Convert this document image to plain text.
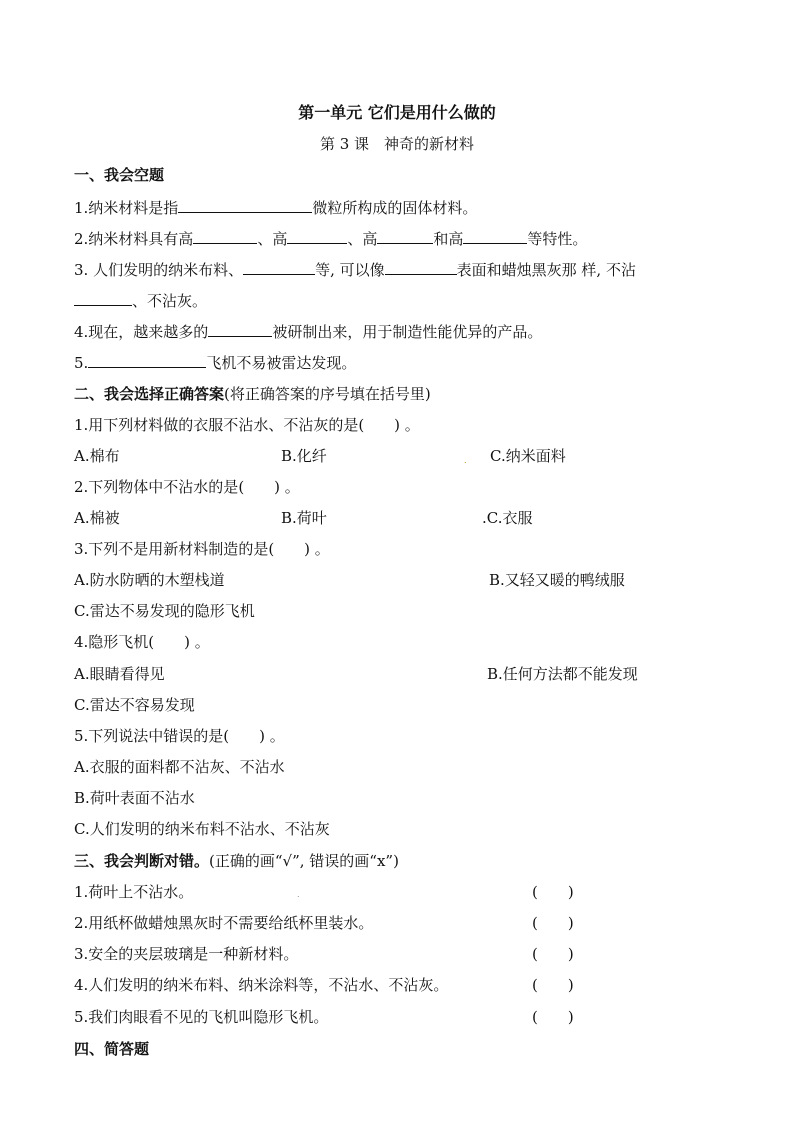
第一单元 它们是用什么做的
第 3 课　神奇的新材料
一、我会空题
1.纳米材料是指	微粒所构成的固体材料。
2.纳米材料具有高	、高	、高	和高	等特性。
3. 人们发明的纳米布料、	等, 可以像	表面和蜡烛黑灰那 样, 不沾
、不沾灰。
4.现在，越来越多的	被研制出来，用于制造性能优异的产品。
5.	飞机不易被雷达发现。
二、我会选择正确答案(将正确答案的序号填在括号里)
1.用下列材料做的衣服不沾水、不沾灰的是(　　) 。
A.棉布	B.化纤	. C.纳米面料
2.下列物体中不沾水的是(　　) 。
A.棉被	B.荷叶	.C.衣服
3.下列不是用新材料制造的是(　　) 。
A.防水防晒的木塑栈道	B.又轻又暖的鸭绒服
C.雷达不易发现的隐形飞机
4.隐形飞机(　　) 。
A.眼睛看得见	B.任何方法都不能发现
C.雷达不容易发现
5.下列说法中错误的是(　　) 。
A.衣服的面料都不沾灰、不沾水
B.荷叶表面不沾水
C.人们发明的纳米布料不沾水、不沾灰
三、我会判断对错。(正确的画“√”, 错误的画“x”)
1.荷叶上不沾水。	.	(　　)
2.用纸杯做蜡烛黑灰时不需要给纸杯里装水。	(　　)
3.安全的夹层玻璃是一种新材料。	(　　)
4.人们发明的纳米布料、纳米涂料等，不沾水、不沾灰。	(　　)
5.我们肉眼看不见的飞机叫隐形飞机。	(　　)
四、简答题
